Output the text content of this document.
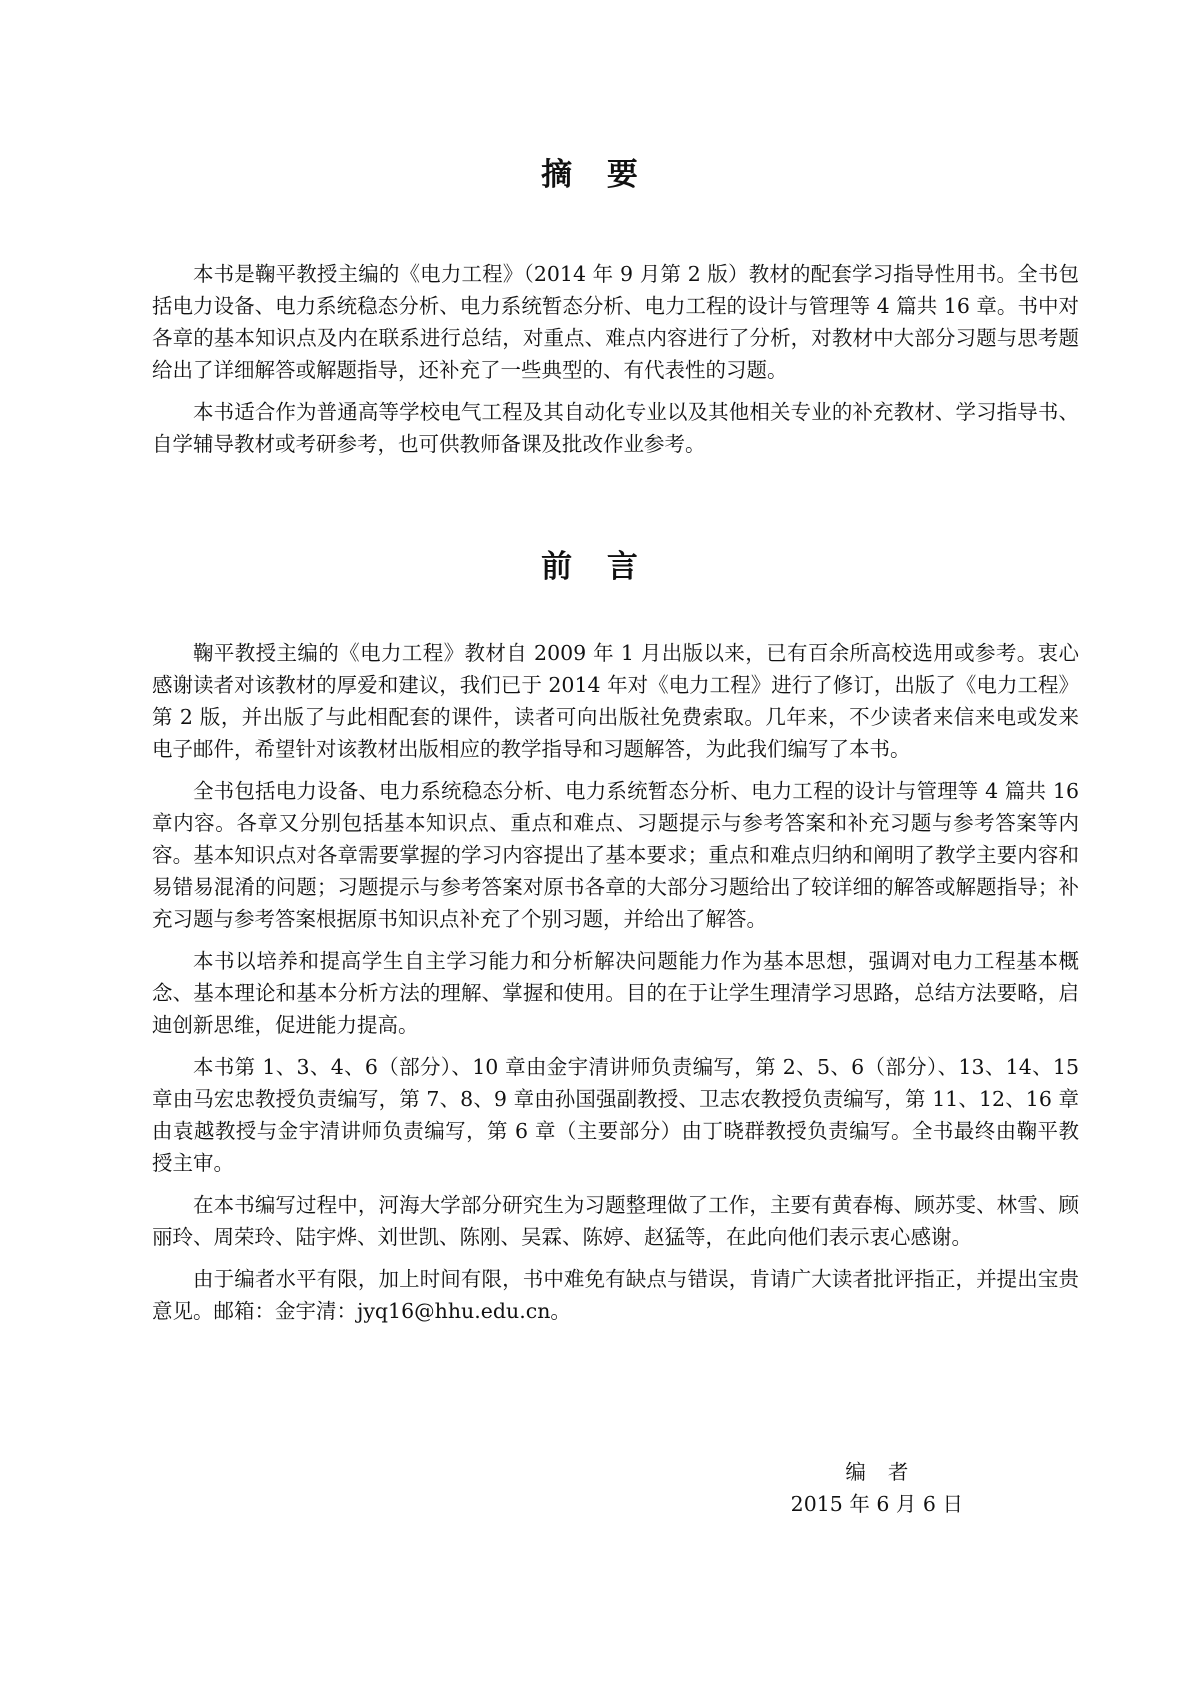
摘 要

本书是鞠平教授主编的《电力工程》（2014 年 9 月第 2 版）教材的配套学习指导性用书。全书包括电力设备、电力系统稳态分析、电力系统暂态分析、电力工程的设计与管理等 4 篇共 16 章。书中对各章的基本知识点及内在联系进行总结，对重点、难点内容进行了分析，对教材中大部分习题与思考题给出了详细解答或解题指导，还补充了一些典型的、有代表性的习题。

本书适合作为普通高等学校电气工程及其自动化专业以及其他相关专业的补充教材、学习指导书、自学辅导教材或考研参考，也可供教师备课及批改作业参考。

前 言

鞠平教授主编的《电力工程》教材自 2009 年 1 月出版以来，已有百余所高校选用或参考。衷心感谢读者对该教材的厚爱和建议，我们已于 2014 年对《电力工程》进行了修订，出版了《电力工程》第 2 版，并出版了与此相配套的课件，读者可向出版社免费索取。几年来，不少读者来信来电或发来电子邮件，希望针对该教材出版相应的教学指导和习题解答，为此我们编写了本书。

全书包括电力设备、电力系统稳态分析、电力系统暂态分析、电力工程的设计与管理等 4 篇共 16 章内容。各章又分别包括基本知识点、重点和难点、习题提示与参考答案和补充习题与参考答案等内容。基本知识点对各章需要掌握的学习内容提出了基本要求；重点和难点归纳和阐明了教学主要内容和易错易混淆的问题；习题提示与参考答案对原书各章的大部分习题给出了较详细的解答或解题指导；补充习题与参考答案根据原书知识点补充了个别习题，并给出了解答。

本书以培养和提高学生自主学习能力和分析解决问题能力作为基本思想，强调对电力工程基本概念、基本理论和基本分析方法的理解、掌握和使用。目的在于让学生理清学习思路，总结方法要略，启迪创新思维，促进能力提高。

本书第 1、3、4、6（部分）、10 章由金宇清讲师负责编写，第 2、5、6（部分）、13、14、15 章由马宏忠教授负责编写，第 7、8、9 章由孙国强副教授、卫志农教授负责编写，第 11、12、16 章由袁越教授与金宇清讲师负责编写，第 6 章（主要部分）由丁晓群教授负责编写。全书最终由鞠平教授主审。

在本书编写过程中，河海大学部分研究生为习题整理做了工作，主要有黄春梅、顾苏雯、林雪、顾丽玲、周荣玲、陆宇烨、刘世凯、陈刚、吴霖、陈婷、赵猛等，在此向他们表示衷心感谢。

由于编者水平有限，加上时间有限，书中难免有缺点与错误，肯请广大读者批评指正，并提出宝贵意见。邮箱：金宇清：jyq16@hhu.edu.cn。

编者
2015 年 6 月 6 日
